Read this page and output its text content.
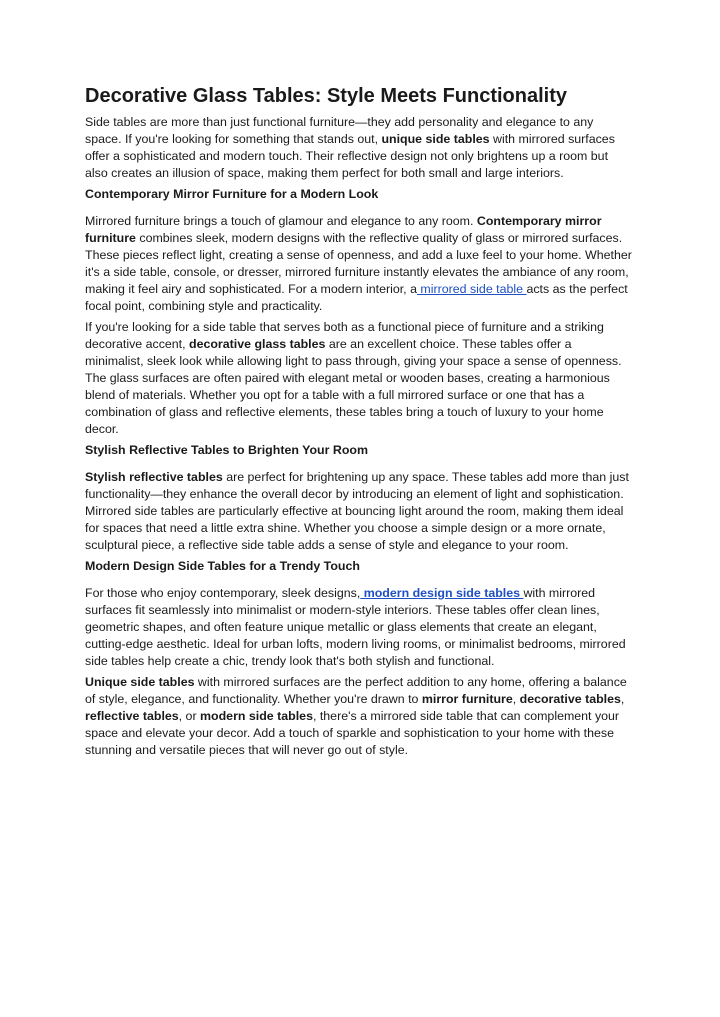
Decorative Glass Tables: Style Meets Functionality

Side tables are more than just functional furniture—they add personality and elegance to any space. If you're looking for something that stands out, unique side tables with mirrored surfaces offer a sophisticated and modern touch. Their reflective design not only brightens up a room but also creates an illusion of space, making them perfect for both small and large interiors.

Contemporary Mirror Furniture for a Modern Look

Mirrored furniture brings a touch of glamour and elegance to any room. Contemporary mirror furniture combines sleek, modern designs with the reflective quality of glass or mirrored surfaces. These pieces reflect light, creating a sense of openness, and add a luxe feel to your home. Whether it's a side table, console, or dresser, mirrored furniture instantly elevates the ambiance of any room, making it feel airy and sophisticated. For a modern interior, a mirrored side table acts as the perfect focal point, combining style and practicality.

If you're looking for a side table that serves both as a functional piece of furniture and a striking decorative accent, decorative glass tables are an excellent choice. These tables offer a minimalist, sleek look while allowing light to pass through, giving your space a sense of openness. The glass surfaces are often paired with elegant metal or wooden bases, creating a harmonious blend of materials. Whether you opt for a table with a full mirrored surface or one that has a combination of glass and reflective elements, these tables bring a touch of luxury to your home decor.

Stylish Reflective Tables to Brighten Your Room

Stylish reflective tables are perfect for brightening up any space. These tables add more than just functionality—they enhance the overall decor by introducing an element of light and sophistication. Mirrored side tables are particularly effective at bouncing light around the room, making them ideal for spaces that need a little extra shine. Whether you choose a simple design or a more ornate, sculptural piece, a reflective side table adds a sense of style and elegance to your room.

Modern Design Side Tables for a Trendy Touch

For those who enjoy contemporary, sleek designs, modern design side tables with mirrored surfaces fit seamlessly into minimalist or modern-style interiors. These tables offer clean lines, geometric shapes, and often feature unique metallic or glass elements that create an elegant, cutting-edge aesthetic. Ideal for urban lofts, modern living rooms, or minimalist bedrooms, mirrored side tables help create a chic, trendy look that's both stylish and functional.

Unique side tables with mirrored surfaces are the perfect addition to any home, offering a balance of style, elegance, and functionality. Whether you're drawn to mirror furniture, decorative tables, reflective tables, or modern side tables, there's a mirrored side table that can complement your space and elevate your decor. Add a touch of sparkle and sophistication to your home with these stunning and versatile pieces that will never go out of style.
